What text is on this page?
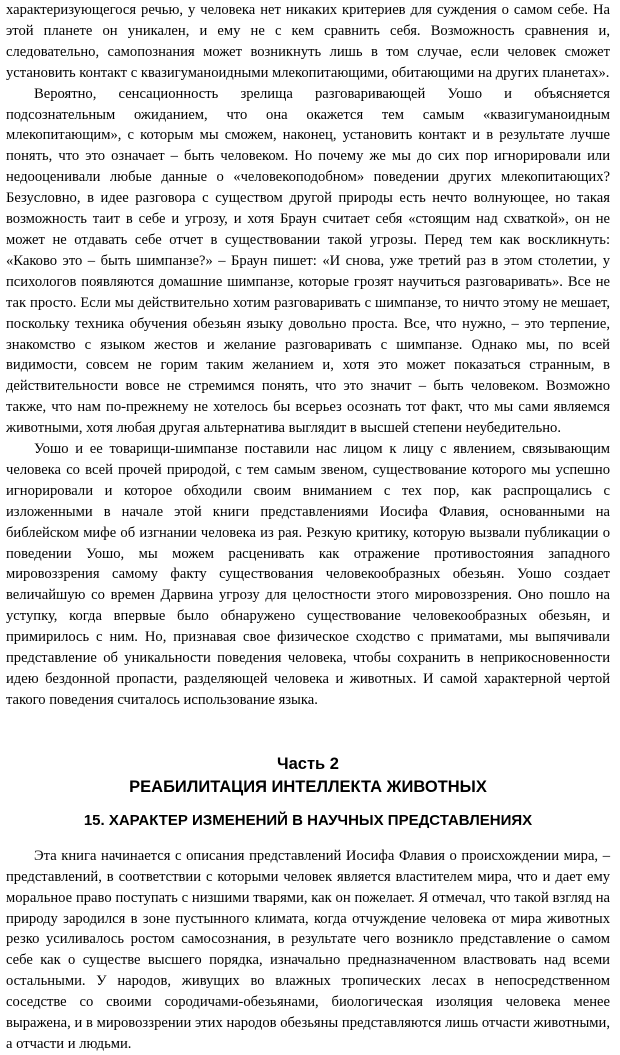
характеризующегося речью, у человека нет никаких критериев для суждения о самом себе. На этой планете он уникален, и ему не с кем сравнить себя. Возможность сравнения и, следовательно, самопознания может возникнуть лишь в том случае, если человек сможет установить контакт с квазигуманоидными млекопитающими, обитающими на других планетах».

Вероятно, сенсационность зрелища разговаривающей Уошо и объясняется подсознательным ожиданием, что она окажется тем самым «квазигуманоидным млекопитающим», с которым мы сможем, наконец, установить контакт и в результате лучше понять, что это означает – быть человеком. Но почему же мы до сих пор игнорировали или недооценивали любые данные о «человекоподобном» поведении других млекопитающих? Безусловно, в идее разговора с существом другой природы есть нечто волнующее, но такая возможность таит в себе и угрозу, и хотя Браун считает себя «стоящим над схваткой», он не может не отдавать себе отчет в существовании такой угрозы. Перед тем как воскликнуть: «Каково это – быть шимпанзе?» – Браун пишет: «И снова, уже третий раз в этом столетии, у психологов появляются домашние шимпанзе, которые грозят научиться разговаривать». Все не так просто. Если мы действительно хотим разговаривать с шимпанзе, то ничто этому не мешает, поскольку техника обучения обезьян языку довольно проста. Все, что нужно, – это терпение, знакомство с языком жестов и желание разговаривать с шимпанзе. Однако мы, по всей видимости, совсем не горим таким желанием и, хотя это может показаться странным, в действительности вовсе не стремимся понять, что это значит – быть человеком. Возможно также, что нам по-прежнему не хотелось бы всерьез осознать тот факт, что мы сами являемся животными, хотя любая другая альтернатива выглядит в высшей степени неубедительно.

Уошо и ее товарищи-шимпанзе поставили нас лицом к лицу с явлением, связывающим человека со всей прочей природой, с тем самым звеном, существование которого мы успешно игнорировали и которое обходили своим вниманием с тех пор, как распрощались с изложенными в начале этой книги представлениями Иосифа Флавия, основанными на библейском мифе об изгнании человека из рая. Резкую критику, которую вызвали публикации о поведении Уошо, мы можем расценивать как отражение противостояния западного мировоззрения самому факту существования человекообразных обезьян. Уошо создает величайшую со времен Дарвина угрозу для целостности этого мировоззрения. Оно пошло на уступку, когда впервые было обнаружено существование человекообразных обезьян, и примирилось с ним. Но, признавая свое физическое сходство с приматами, мы выпячивали представление об уникальности поведения человека, чтобы сохранить в неприкосновенности идею бездонной пропасти, разделяющей человека и животных. И самой характерной чертой такого поведения считалось использование языка.

Часть 2
РЕАБИЛИТАЦИЯ ИНТЕЛЛЕКТА ЖИВОТНЫХ
15. ХАРАКТЕР ИЗМЕНЕНИЙ В НАУЧНЫХ ПРЕДСТАВЛЕНИЯХ

Эта книга начинается с описания представлений Иосифа Флавия о происхождении мира, – представлений, в соответствии с которыми человек является властителем мира, что и дает ему моральное право поступать с низшими тварями, как он пожелает. Я отмечал, что такой взгляд на природу зародился в зоне пустынного климата, когда отчуждение человека от мира животных резко усиливалось ростом самосознания, в результате чего возникло представление о самом себе как о существе высшего порядка, изначально предназначенном властвовать над всеми остальными. У народов, живущих во влажных тропических лесах в непосредственном соседстве со своими сородичами-обезьянами, биологическая изоляция человека менее выражена, и в мировоззрении этих народов обезьяны представляются лишь отчасти животными, а отчасти и людьми.
